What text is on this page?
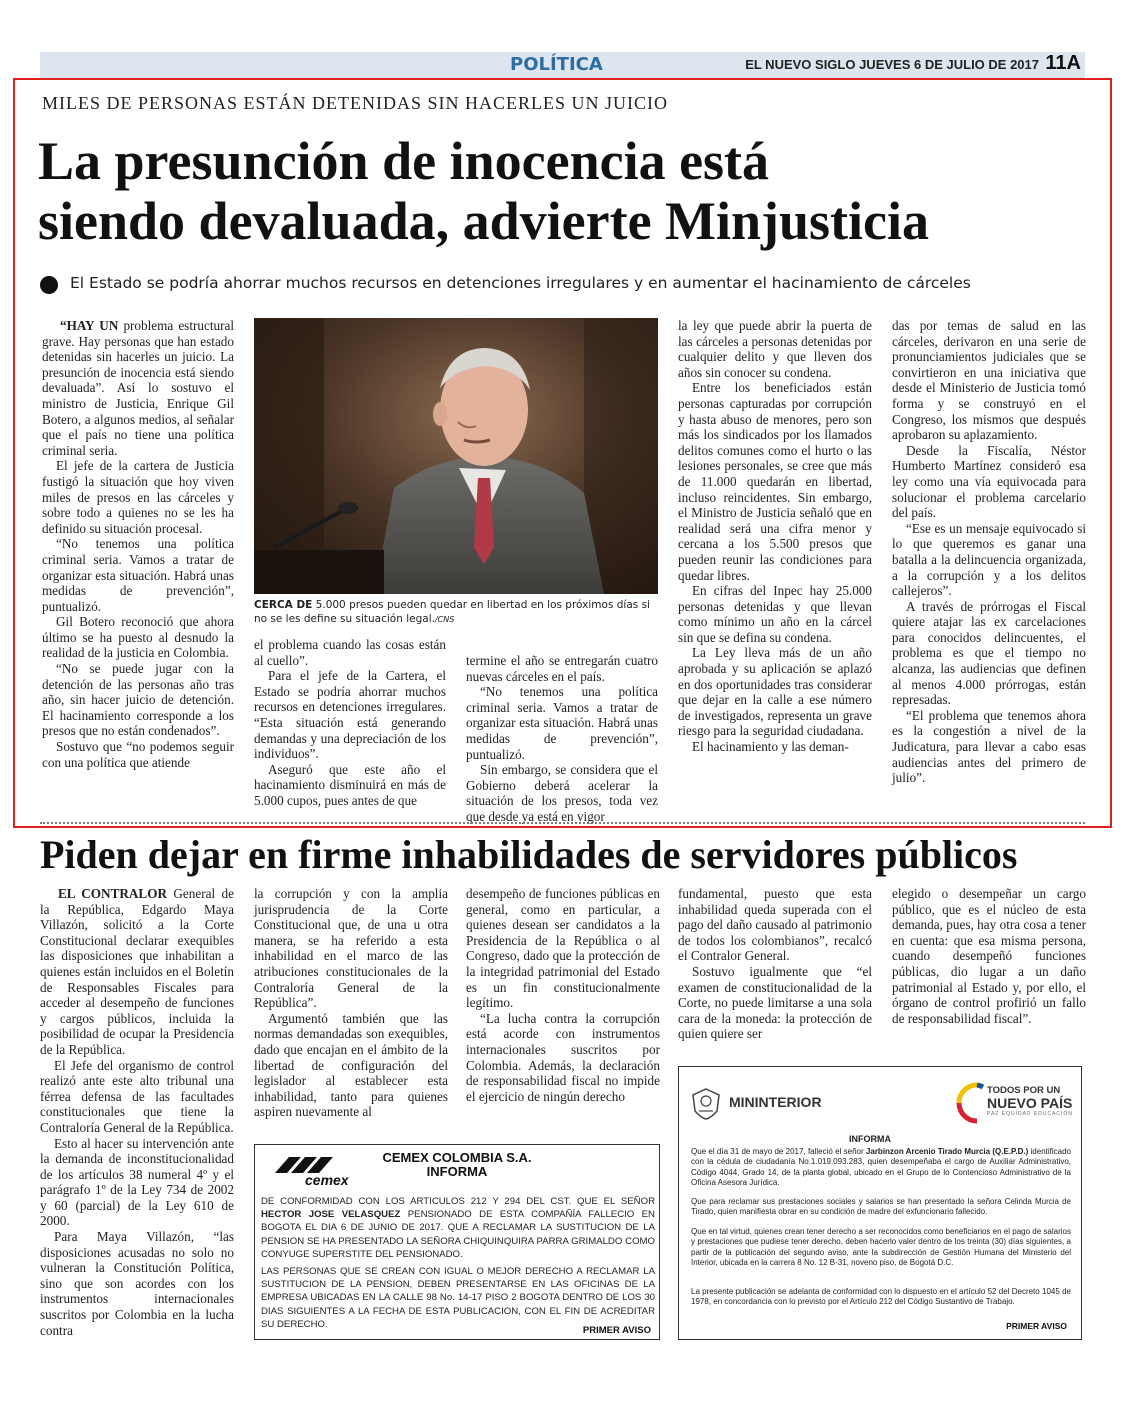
POLÍTICA	EL NUEVO SIGLO JUEVES 6 DE JULIO DE 2017 11A
MILES DE PERSONAS ESTÁN DETENIDAS SIN HACERLES UN JUICIO
La presunción de inocencia está
siendo devaluada, advierte Minjusticia
El Estado se podría ahorrar muchos recursos en detenciones irregulares y en aumentar el hacinamiento de cárceles

“HAY UN problema estructural grave. Hay personas que han estado detenidas sin hacerles un juicio. La presunción de inocencia está siendo devaluada”. Así lo sostuvo el ministro de Justicia, Enrique Gil Botero, a algunos medios, al señalar que el país no tiene una política criminal seria.

El jefe de la cartera de Justicia fustigó la situación que hoy viven miles de presos en las cárceles y sobre todo a quienes no se les ha definido su situación procesal.

“No tenemos una política criminal seria. Vamos a tratar de organizar esta situación. Habrá unas medidas de prevención”, puntualizó.

Gil Botero reconoció que ahora último se ha puesto al desnudo la realidad de la justicia en Colombia.

“No se puede jugar con la detención de las personas año tras año, sin hacer juicio de detención. El hacinamiento corresponde a los presos que no están condenados”.

Sostuvo que “no podemos seguir con una política que atiende

CERCA DE 5.000 presos pueden quedar en libertad en los próximos días si no se les define su situación legal./CNS

el problema cuando las cosas están al cuello”.

Para el jefe de la Cartera, el Estado se podría ahorrar muchos recursos en detenciones irregulares. “Esta situación está generando demandas y una depreciación de los individuos”.

Aseguró que este año el hacinamiento disminuirá en más de 5.000 cupos, pues antes de que

termine el año se entregarán cuatro nuevas cárceles en el país.

“No tenemos una política criminal seria. Vamos a tratar de organizar esta situación. Habrá unas medidas de prevención”, puntualizó.

Sin embargo, se considera que el Gobierno deberá acelerar la situación de los presos, toda vez que desde ya está en vigor

la ley que puede abrir la puerta de las cárceles a personas detenidas por cualquier delito y que lleven dos años sin conocer su condena.

Entre los beneficiados están personas capturadas por corrupción y hasta abuso de menores, pero son más los sindicados por los llamados delitos comunes como el hurto o las lesiones personales, se cree que más de 11.000 quedarán en libertad, incluso reincidentes. Sin embargo, el Ministro de Justicia señaló que en realidad será una cifra menor y cercana a los 5.500 presos que pueden reunir las condiciones para quedar libres.

En cifras del Inpec hay 25.000 personas detenidas y que llevan como mínimo un año en la cárcel sin que se defina su condena.

La Ley lleva más de un año aprobada y su aplicación se aplazó en dos oportunidades tras considerar que dejar en la calle a ese número de investigados, representa un grave riesgo para la seguridad ciudadana.

El hacinamiento y las deman-

das por temas de salud en las cárceles, derivaron en una serie de pronunciamientos judiciales que se convirtieron en una iniciativa que desde el Ministerio de Justicia tomó forma y se construyó en el Congreso, los mismos que después aprobaron su aplazamiento.

Desde la Fiscalía, Néstor Humberto Martínez consideró esa ley como una vía equivocada para solucionar el problema carcelario del país.

“Ese es un mensaje equivocado si lo que queremos es ganar una batalla a la delincuencia organizada, a la corrupción y a los delitos callejeros”.

A través de prórrogas el Fiscal quiere atajar las ex carcelaciones para conocidos delincuentes, el problema es que el tiempo no alcanza, las audiencias que definen al menos 4.000 prórrogas, están represadas.

“El problema que tenemos ahora es la congestión a nivel de la Judicatura, para llevar a cabo esas audiencias antes del primero de julio”.

Piden dejar en firme inhabilidades de servidores públicos

EL CONTRALOR General de la República, Edgardo Maya Villazón, solicitó a la Corte Constitucional declarar exequibles las disposiciones que inhabilitan a quienes están incluidos en el Boletín de Responsables Fiscales para acceder al desempeño de funciones y cargos públicos, incluida la posibilidad de ocupar la Presidencia de la República.

El Jefe del organismo de control realizó ante este alto tribunal una férrea defensa de las facultades constitucionales que tiene la Contraloría General de la República.

Esto al hacer su intervención ante la demanda de inconstitucionalidad de los artículos 38 numeral 4º y el parágrafo 1º de la Ley 734 de 2002 y 60 (parcial) de la Ley 610 de 2000.

Para Maya Villazón, “las disposiciones acusadas no solo no vulneran la Constitución Política, sino que son acordes con los instrumentos internacionales suscritos por Colombia en la lucha contra

la corrupción y con la amplia jurisprudencia de la Corte Constitucional que, de una u otra manera, se ha referido a esta inhabilidad en el marco de las atribuciones constitucionales de la Contraloría General de la República”.

Argumentó también que las normas demandadas son exequibles, dado que encajan en el ámbito de la libertad de configuración del legislador al establecer esta inhabilidad, tanto para quienes aspiren nuevamente al

desempeño de funciones públicas en general, como en particular, a quienes desean ser candidatos a la Presidencia de la República o al Congreso, dado que la protección de la integridad patrimonial del Estado es un fin constitucionalmente legítimo.

“La lucha contra la corrupción está acorde con instrumentos internacionales suscritos por Colombia. Además, la declaración de responsabilidad fiscal no impide el ejercicio de ningún derecho

fundamental, puesto que esta inhabilidad queda superada con el pago del daño causado al patrimonio de todos los colombianos”, recalcó el Contralor General.

Sostuvo igualmente que “el examen de constitucionalidad de la Corte, no puede limitarse a una sola cara de la moneda: la protección de quien quiere ser

elegido o desempeñar un cargo público, que es el núcleo de esta demanda, pues, hay otra cosa a tener en cuenta: que esa misma persona, cuando desempeñó funciones públicas, dio lugar a un daño patrimonial al Estado y, por ello, el órgano de control profirió un fallo de responsabilidad fiscal”.

cemex
CEMEX COLOMBIA S.A.
INFORMA
DE CONFORMIDAD CON LOS ARTICULOS 212 Y 294 DEL CST. QUE EL SEÑOR HECTOR JOSE VELASQUEZ PENSIONADO DE ESTA COMPAÑÍA FALLECIO EN BOGOTA EL DIA 6 DE JUNIO DE 2017. QUE A RECLAMAR LA SUSTITUCION DE LA PENSION SE HA PRESENTADO LA SEÑORA CHIQUINQUIRA PARRA GRIMALDO COMO CONYUGE SUPERSTITE DEL PENSIONADO.
LAS PERSONAS QUE SE CREAN CON IGUAL O MEJOR DERECHO A RECLAMAR LA SUSTITUCION DE LA PENSION, DEBEN PRESENTARSE EN LAS OFICINAS DE LA EMPRESA UBICADAS EN LA CALLE 98 No. 14-17 PISO 2 BOGOTA DENTRO DE LOS 30 DIAS SIGUIENTES A LA FECHA DE ESTA PUBLICACION, CON EL FIN DE ACREDITAR SU DERECHO.
PRIMER AVISO
MININTERIOR
TODOS POR UN
NUEVO PAÍS
PAZ EQUIDAD EDUCACIÓN
INFORMA
Que el día 31 de mayo de 2017, falleció el señor Jarbinzon Arcenio Tirado Murcia (Q.E.P.D.) identificado con la cédula de ciudadanía No.1.019.093.283, quien desempeñaba el cargo de Auxiliar Administrativo, Código 4044, Grado 14, de la planta global, ubicado en el Grupo de lo Contencioso Administrativo de la Oficina Asesora Jurídica.
Que para reclamar sus prestaciones sociales y salarios se han presentado la señora Celinda Murcia de Tirado, quien manifiesta obrar en su condición de madre del exfuncionario fallecido.
Que en tal virtud, quienes crean tener derecho a ser reconocidos como beneficiarios en el pago de salarios y prestaciones que pudiese tener derecho, deben hacerlo valer dentro de los treinta (30) días siguientes, a partir de la publicación del segundo aviso, ante la subdirección de Gestión Humana del Ministerio del Interior, ubicada en la carrera 8 No. 12 B-31, noveno piso, de Bogotá D.C.
La presente publicación se adelanta de conformidad con lo dispuesto en el artículo 52 del Decreto 1045 de 1978, en concordancia con lo previsto por el Artículo 212 del Código Sustantivo de Trabajo.
PRIMER AVISO
